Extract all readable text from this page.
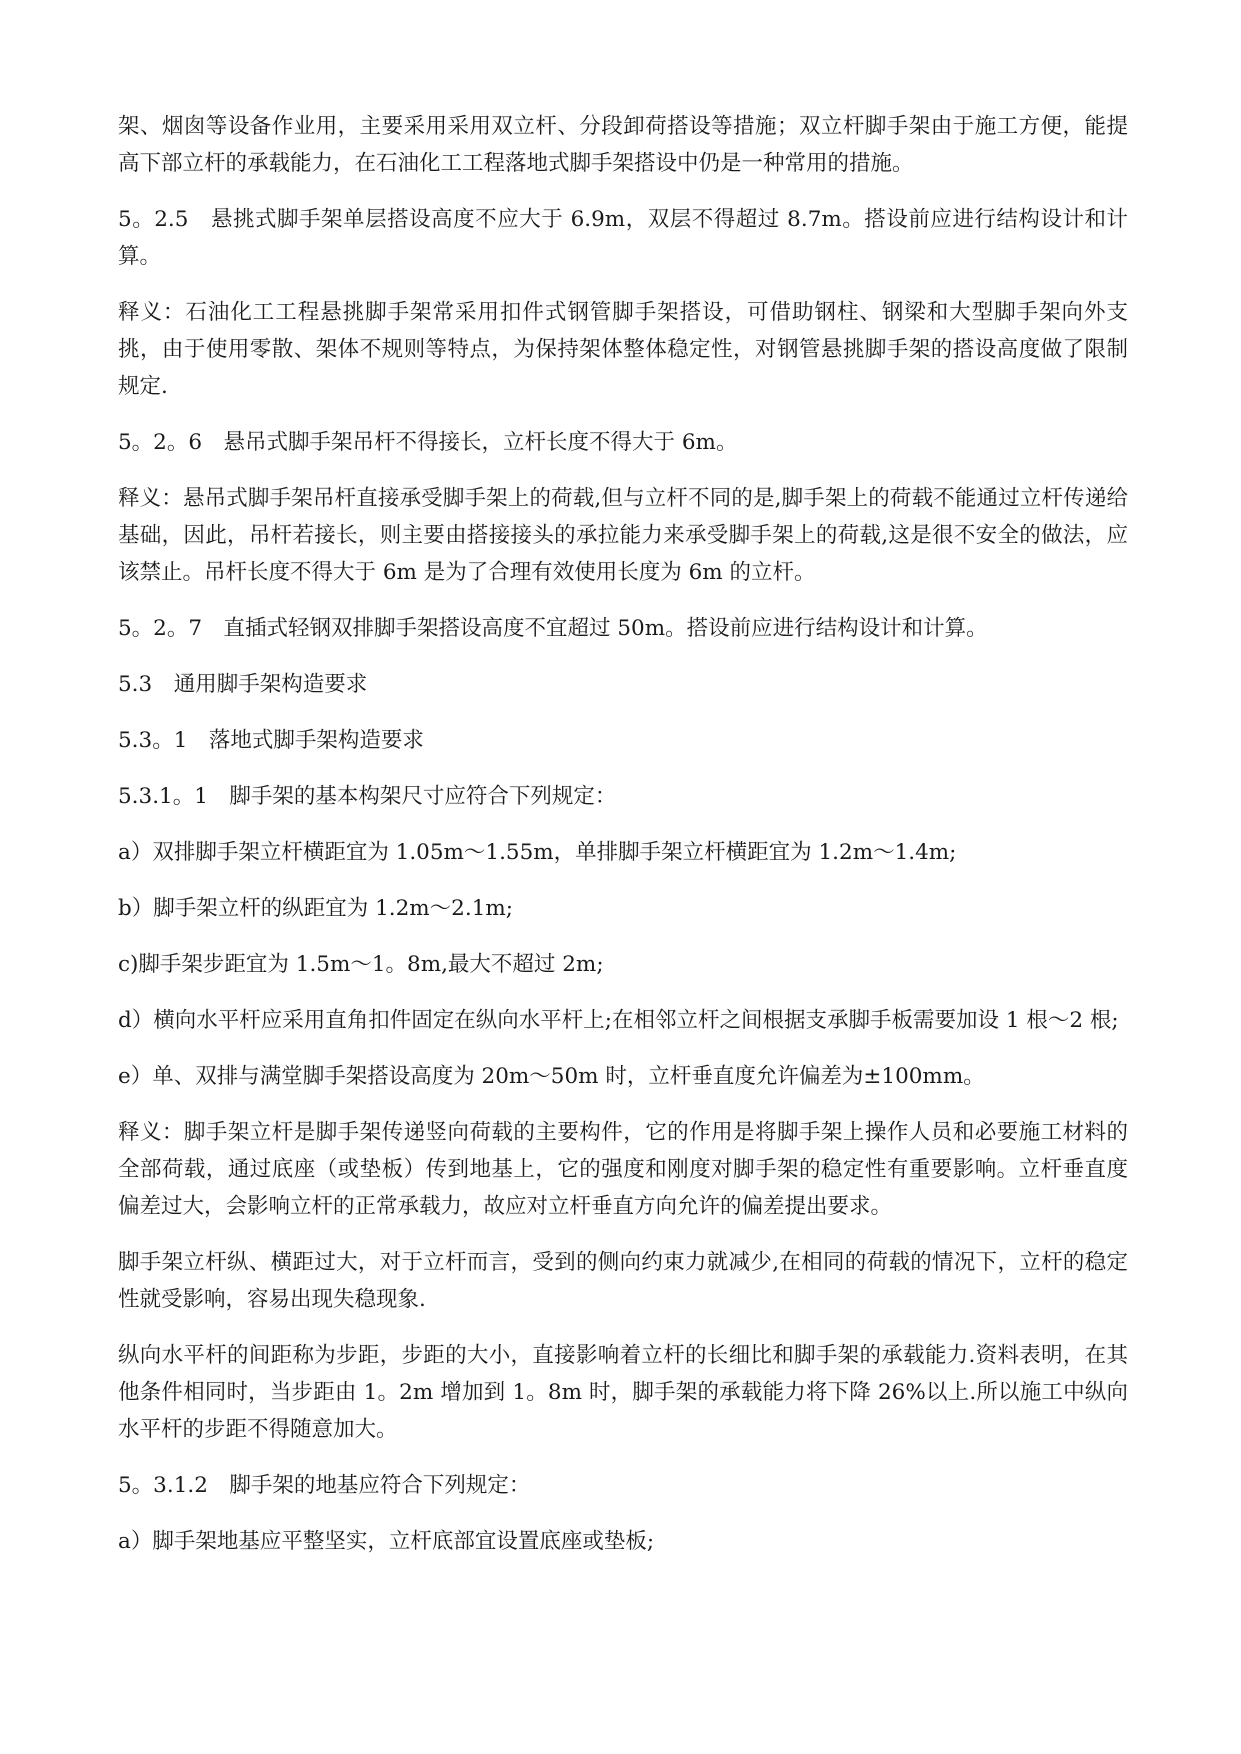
架、烟囱等设备作业用，主要采用采用双立杆、分段卸荷搭设等措施；双立杆脚手架由于施工方便，能提高下部立杆的承载能力，在石油化工工程落地式脚手架搭设中仍是一种常用的措施。

5。2.5　悬挑式脚手架单层搭设高度不应大于 6.9m，双层不得超过 8.7m。搭设前应进行结构设计和计算。

释义：石油化工工程悬挑脚手架常采用扣件式钢管脚手架搭设，可借助钢柱、钢梁和大型脚手架向外支挑，由于使用零散、架体不规则等特点，为保持架体整体稳定性，对钢管悬挑脚手架的搭设高度做了限制规定.

5。2。6　悬吊式脚手架吊杆不得接长，立杆长度不得大于 6m。

释义：悬吊式脚手架吊杆直接承受脚手架上的荷载,但与立杆不同的是,脚手架上的荷载不能通过立杆传递给基础，因此，吊杆若接长，则主要由搭接接头的承拉能力来承受脚手架上的荷载,这是很不安全的做法，应该禁止。吊杆长度不得大于 6m 是为了合理有效使用长度为 6m 的立杆。

5。2。7　直插式轻钢双排脚手架搭设高度不宜超过 50m。搭设前应进行结构设计和计算。

5.3　通用脚手架构造要求

5.3。1　落地式脚手架构造要求

5.3.1。1　脚手架的基本构架尺寸应符合下列规定：

a）双排脚手架立杆横距宜为 1.05m～1.55m，单排脚手架立杆横距宜为 1.2m～1.4m;

b）脚手架立杆的纵距宜为 1.2m～2.1m;

c)脚手架步距宜为 1.5m～1。8m,最大不超过 2m;

d）横向水平杆应采用直角扣件固定在纵向水平杆上;在相邻立杆之间根据支承脚手板需要加设 1 根～2 根;

e）单、双排与满堂脚手架搭设高度为 20m～50m 时，立杆垂直度允许偏差为±100mm。

释义：脚手架立杆是脚手架传递竖向荷载的主要构件，它的作用是将脚手架上操作人员和必要施工材料的全部荷载，通过底座（或垫板）传到地基上，它的强度和刚度对脚手架的稳定性有重要影响。立杆垂直度偏差过大，会影响立杆的正常承载力，故应对立杆垂直方向允许的偏差提出要求。

脚手架立杆纵、横距过大，对于立杆而言，受到的侧向约束力就减少,在相同的荷载的情况下，立杆的稳定性就受影响，容易出现失稳现象.

纵向水平杆的间距称为步距，步距的大小，直接影响着立杆的长细比和脚手架的承载能力.资料表明，在其他条件相同时，当步距由 1。2m 增加到 1。8m 时，脚手架的承载能力将下降 26%以上.所以施工中纵向水平杆的步距不得随意加大。

5。3.1.2　脚手架的地基应符合下列规定：

a）脚手架地基应平整坚实，立杆底部宜设置底座或垫板;
